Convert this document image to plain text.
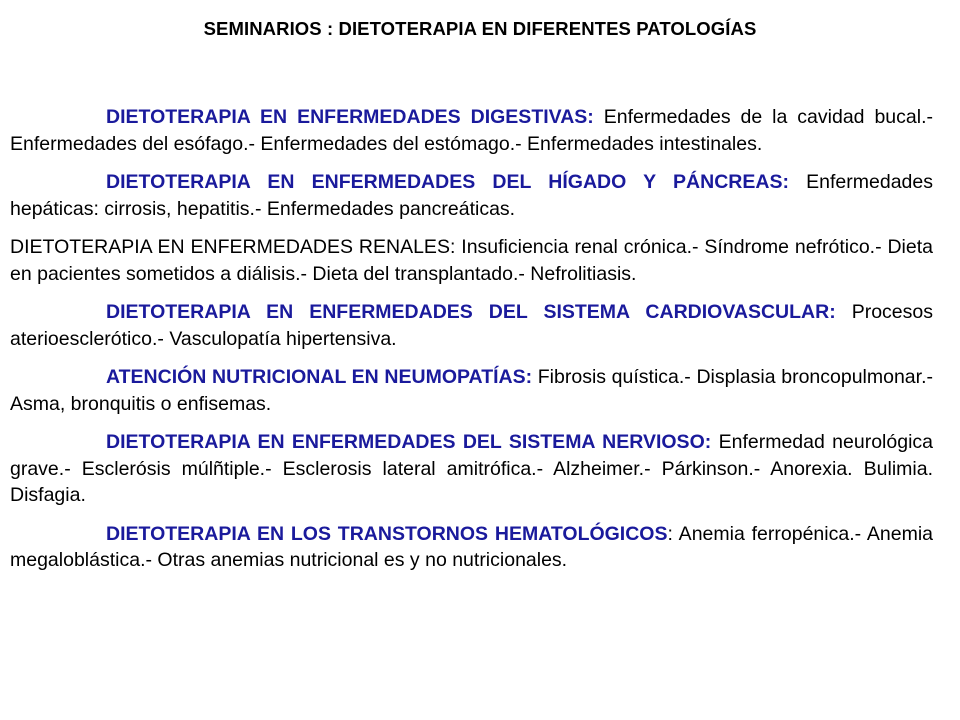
SEMINARIOS : DIETOTERAPIA EN DIFERENTES PATOLOGÍAS

DIETOTERAPIA EN ENFERMEDADES DIGESTIVAS: Enfermedades de la cavidad bucal.- Enfermedades del esófago.- Enfermedades del estómago.- Enfermedades intestinales.

DIETOTERAPIA EN ENFERMEDADES DEL HÍGADO Y PÁNCREAS: Enfermedades hepáticas: cirrosis, hepatitis.- Enfermedades pancreáticas.

DIETOTERAPIA EN ENFERMEDADES RENALES: Insuficiencia renal crónica.- Síndrome nefrótico.- Dieta en pacientes sometidos a diálisis.- Dieta del transplantado.- Nefrolitiasis.

DIETOTERAPIA EN ENFERMEDADES DEL SISTEMA CARDIOVASCULAR: Procesos aterioesclerótico.- Vasculopatía hipertensiva.

ATENCIÓN NUTRICIONAL EN NEUMOPATÍAS: Fibrosis quística.- Displasia broncopulmonar.- Asma, bronquitis o enfisemas.

DIETOTERAPIA EN ENFERMEDADES DEL SISTEMA NERVIOSO: Enfermedad neurológica grave.- Esclerósis múlñtiple.- Esclerosis lateral amitrófica.- Alzheimer.- Párkinson.- Anorexia. Bulimia. Disfagia.

DIETOTERAPIA EN LOS TRANSTORNOS HEMATOLÓGICOS: Anemia ferropénica.- Anemia megaloblástica.- Otras anemias nutricional es y no nutricionales.
